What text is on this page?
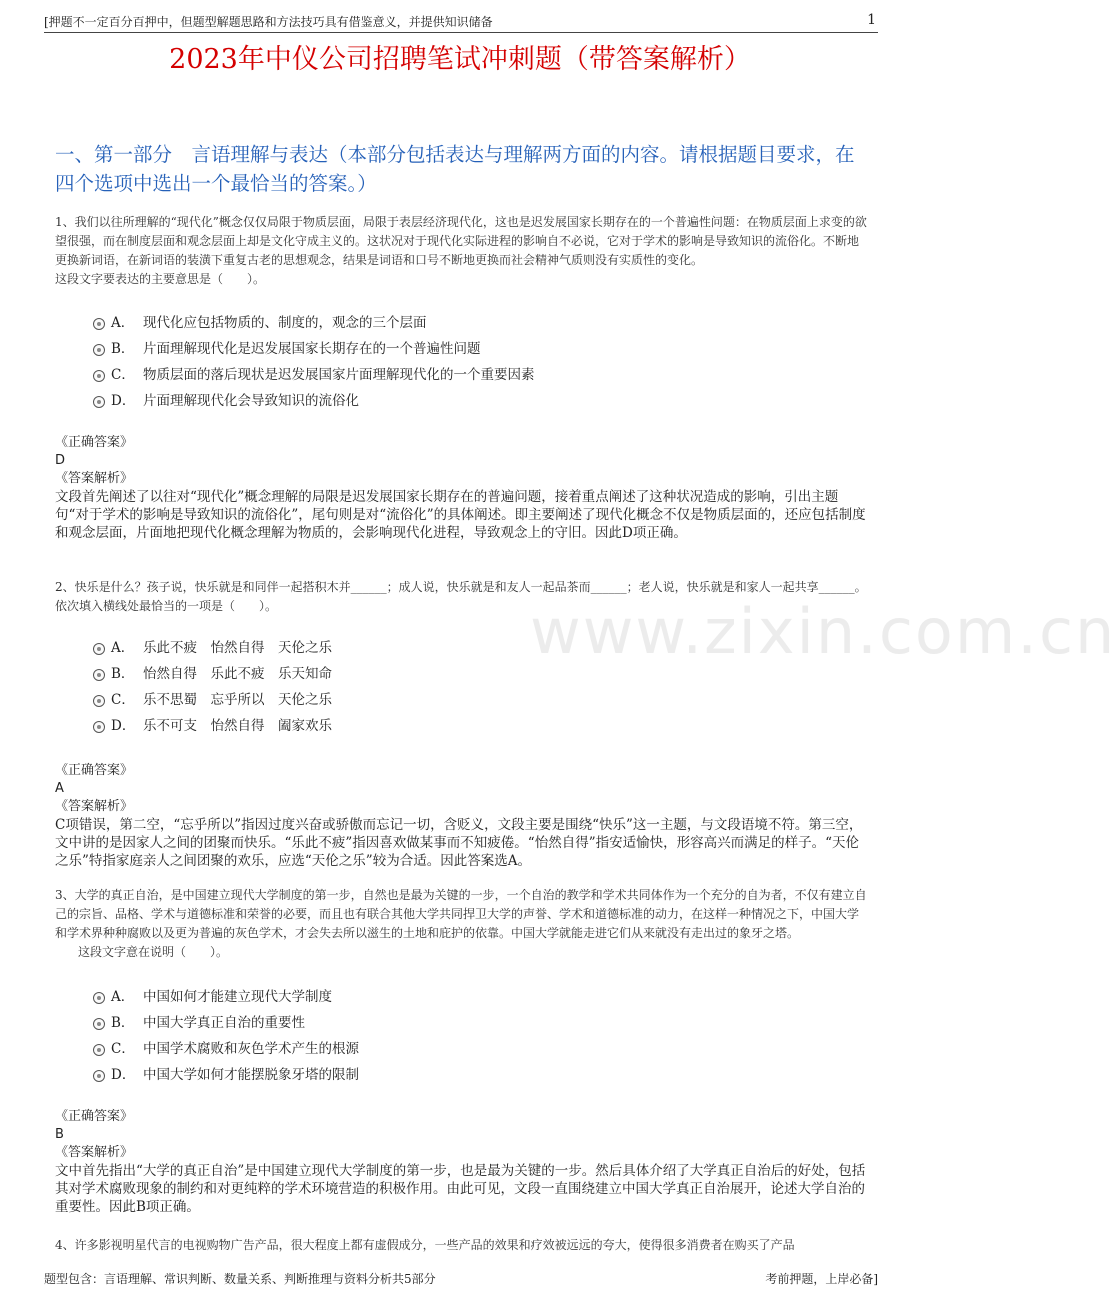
[押题不一定百分百押中，但题型解题思路和方法技巧具有借鉴意义，并提供知识储备	1
2023年中仪公司招聘笔试冲刺题（带答案解析）
www.zixin.com.cn
一、第一部分　言语理解与表达（本部分包括表达与理解两方面的内容。请根据题目要求，在四个选项中选出一个最恰当的答案。）

1、我们以往所理解的“现代化”概念仅仅局限于物质层面，局限于表层经济现代化，这也是迟发展国家长期存在的一个普遍性问题：在物质层面上求变的欲望很强，而在制度层面和观念层面上却是文化守成主义的。这状况对于现代化实际进程的影响自不必说，它对于学术的影响是导致知识的流俗化。不断地更换新词语，在新词语的装潢下重复古老的思想观念，结果是词语和口号不断地更换而社会精神气质则没有实质性的变化。

这段文字要表达的主要意思是（　　）。

A． 现代化应包括物质的、制度的，观念的三个层面
B． 片面理解现代化是迟发展国家长期存在的一个普遍性问题
C． 物质层面的落后现状是迟发展国家片面理解现代化的一个重要因素
D． 片面理解现代化会导致知识的流俗化

《正确答案》

D

《答案解析》

文段首先阐述了以往对“现代化”概念理解的局限是迟发展国家长期存在的普遍问题，接着重点阐述了这种状况造成的影响，引出主题句“对于学术的影响是导致知识的流俗化”，尾句则是对“流俗化”的具体阐述。即主要阐述了现代化概念不仅是物质层面的，还应包括制度和观念层面，片面地把现代化概念理解为物质的，会影响现代化进程，导致观念上的守旧。因此D项正确。

2、快乐是什么？孩子说，快乐就是和同伴一起搭积木并______；成人说，快乐就是和友人一起品茶而______；老人说，快乐就是和家人一起共享______。

依次填入横线处最恰当的一项是（　　）。

A． 乐此不疲　怡然自得　天伦之乐
B． 怡然自得　乐此不疲　乐天知命
C． 乐不思蜀　忘乎所以　天伦之乐
D． 乐不可支　怡然自得　阖家欢乐

《正确答案》

A

《答案解析》

C项错误，第二空，“忘乎所以”指因过度兴奋或骄傲而忘记一切，含贬义，文段主要是围绕“快乐”这一主题，与文段语境不符。第三空，文中讲的是因家人之间的团聚而快乐。“乐此不疲”指因喜欢做某事而不知疲倦。“怡然自得”指安适愉快，形容高兴而满足的样子。“天伦之乐”特指家庭亲人之间团聚的欢乐，应选“天伦之乐”较为合适。因此答案选A。

3、大学的真正自治，是中国建立现代大学制度的第一步，自然也是最为关键的一步，一个自治的教学和学术共同体作为一个充分的自为者，不仅有建立自己的宗旨、品格、学术与道德标准和荣誉的必要，而且也有联合其他大学共同捍卫大学的声誉、学术和道德标准的动力，在这样一种情况之下，中国大学和学术界种种腐败以及更为普遍的灰色学术，才会失去所以滋生的土地和庇护的依靠。中国大学就能走进它们从来就没有走出过的象牙之塔。

这段文字意在说明（　　）。

A． 中国如何才能建立现代大学制度
B． 中国大学真正自治的重要性
C． 中国学术腐败和灰色学术产生的根源
D． 中国大学如何才能摆脱象牙塔的限制

《正确答案》

B

《答案解析》

文中首先指出“大学的真正自治”是中国建立现代大学制度的第一步，也是最为关键的一步。然后具体介绍了大学真正自治后的好处，包括其对学术腐败现象的制约和对更纯粹的学术环境营造的积极作用。由此可见，文段一直围绕建立中国大学真正自治展开，论述大学自治的重要性。因此B项正确。

4、许多影视明星代言的电视购物广告产品，很大程度上都有虚假成分，一些产品的效果和疗效被远远的夸大，使得很多消费者在购买了产品

题型包含：言语理解、常识判断、数量关系、判断推理与资料分析共5部分	考前押题，上岸必备]
